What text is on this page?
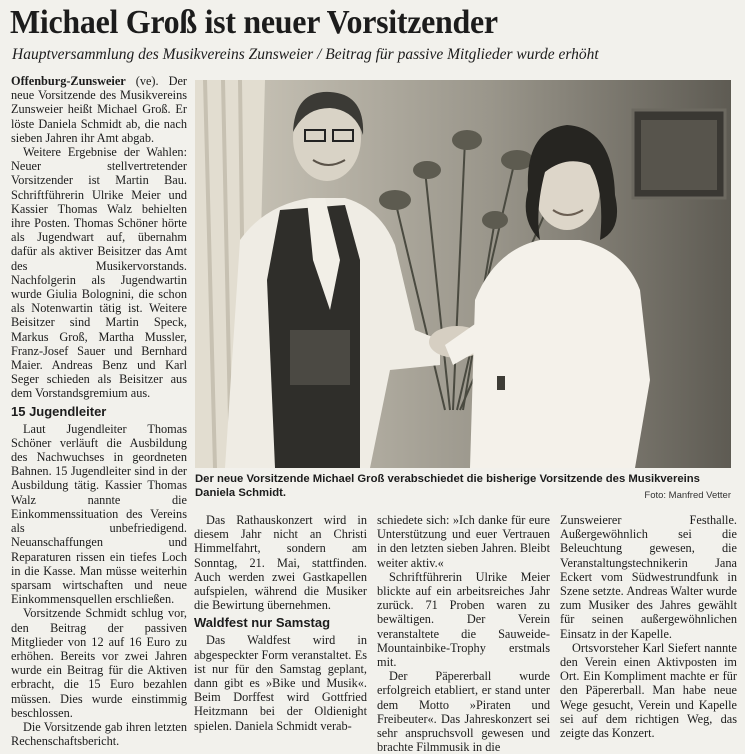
Michael Groß ist neuer Vorsitzender
Hauptversammlung des Musikvereins Zunsweier / Beitrag für passive Mitglieder wurde erhöht

Offenburg-Zunsweier (ve). Der neue Vorsitzende des Musikvereins Zunsweier heißt Michael Groß. Er löste Daniela Schmidt ab, die nach sieben Jahren ihr Amt abgab.

Weitere Ergebnise der Wahlen: Neuer stellvertretender Vorsitzender ist Martin Bau. Schriftführerin Ulrike Meier und Kassier Thomas Walz behielten ihre Posten. Thomas Schöner hörte als Jugendwart auf, übernahm dafür als aktiver Beisitzer das Amt des Musikervorstands. Nachfolgerin als Jugendwartin wurde Giulia Bolognini, die schon als Notenwartin tätig ist. Weitere Beisitzer sind Martin Speck, Markus Groß, Martha Mussler, Franz-Josef Sauer und Bernhard Maier. Andreas Benz und Karl Seger schieden als Beisitzer aus dem Vorstandsgremium aus.

15 Jugendleiter

Laut Jugendleiter Thomas Schöner verläuft die Ausbildung des Nachwuchses in geordneten Bahnen. 15 Jugendleiter sind in der Ausbildung tätig. Kassier Thomas Walz nannte die Einkommenssituation des Vereins als unbefriedigend. Neuanschaffungen und Reparaturen rissen ein tiefes Loch in die Kasse. Man müsse weiterhin sparsam wirtschaften und neue Einkommensquellen erschließen.

Vorsitzende Schmidt schlug vor, den Beitrag der passiven Mitglieder von 12 auf 16 Euro zu erhöhen. Bereits vor zwei Jahren wurde ein Beitrag für die Aktiven erbracht, die 15 Euro bezahlen müssen. Dies wurde einstimmig beschlossen.

Die Vorsitzende gab ihren letzten Rechenschaftsbericht.

Der neue Vorsitzende Michael Groß verabschiedet die bisherige Vorsitzende des Musikvereins Daniela Schmidt.	Foto: Manfred Vetter

Das Rathauskonzert wird in diesem Jahr nicht an Christi Himmelfahrt, sondern am Sonntag, 21. Mai, stattfinden. Auch werden zwei Gastkapellen aufspielen, während die Musiker die Bewirtung übernehmen.

Waldfest nur Samstag

Das Waldfest wird in abgespeckter Form veranstaltet. Es ist nur für den Samstag geplant, dann gibt es »Bike und Musik«. Beim Dorffest wird Gottfried Heitzmann bei der Oldienight spielen. Daniela Schmidt verab-

schiedete sich: »Ich danke für eure Unterstützung und euer Vertrauen in den letzten sieben Jahren. Bleibt weiter aktiv.«

Schriftführerin Ulrike Meier blickte auf ein arbeitsreiches Jahr zurück. 71 Proben waren zu bewältigen. Der Verein veranstaltete die Sauweide-Mountainbike-Trophy erstmals mit.

Der Päpererball wurde erfolgreich etabliert, er stand unter dem Motto »Piraten und Freibeuter«. Das Jahreskonzert sei sehr anspruchsvoll gewesen und brachte Filmmusik in die

Zunsweierer Festhalle. Außergewöhnlich sei die Beleuchtung gewesen, die Veranstaltungstechnikerin Jana Eckert vom Südwestrundfunk in Szene setzte. Andreas Walter wurde zum Musiker des Jahres gewählt für seinen außergewöhnlichen Einsatz in der Kapelle.

Ortsvorsteher Karl Siefert nannte den Verein einen Aktivposten im Ort. Ein Kompliment machte er für den Päpererball. Man habe neue Wege gesucht, Verein und Kapelle sei auf dem richtigen Weg, das zeigte das Konzert.
